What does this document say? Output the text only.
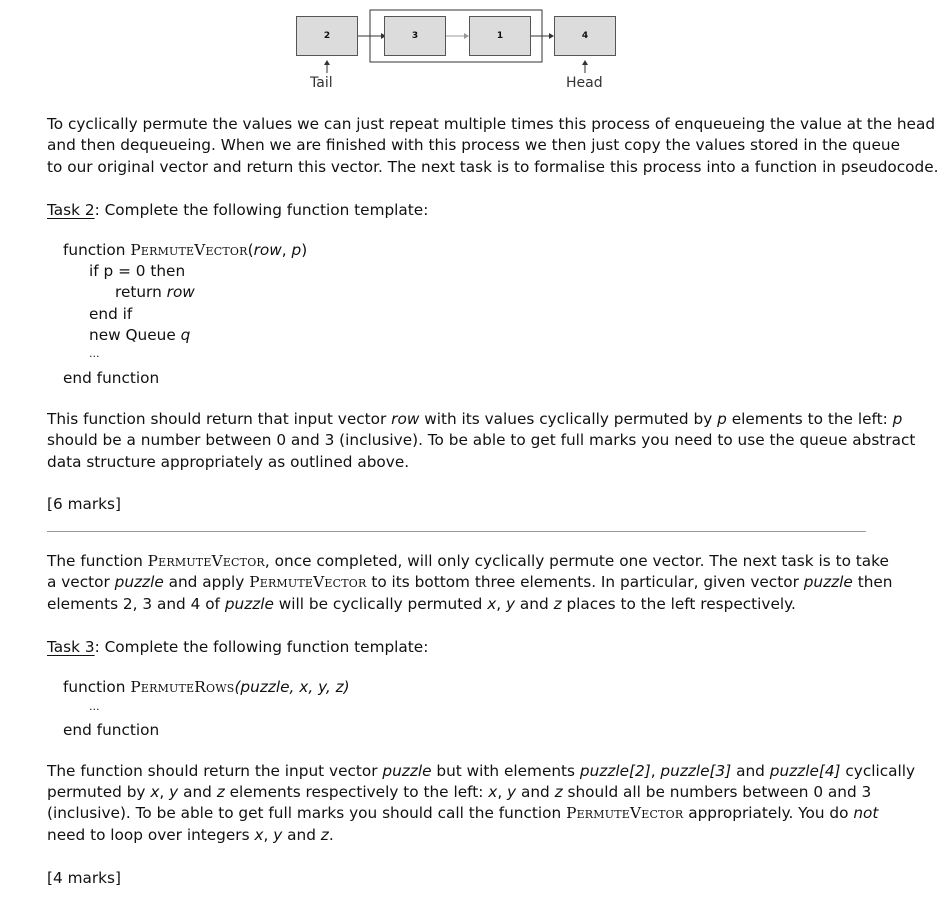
2	3	1	4
Tail	Head
To cyclically permute the values we can just repeat multiple times this process of enqueueing the value at the head
and then dequeueing. When we are finished with this process we then just copy the values stored in the queue
to our original vector and return this vector. The next task is to formalise this process into a function in pseudocode.
Task 2: Complete the following function template:
function PermuteVector(row, p)
if p = 0 then
return row
end if
new Queue q
...
end function
This function should return that input vector row with its values cyclically permuted by p elements to the left: p
should be a number between 0 and 3 (inclusive). To be able to get full marks you need to use the queue abstract
data structure appropriately as outlined above.
[6 marks]
The function PermuteVector, once completed, will only cyclically permute one vector. The next task is to take
a vector puzzle and apply PermuteVector to its bottom three elements. In particular, given vector puzzle then
elements 2, 3 and 4 of puzzle will be cyclically permuted x, y and z places to the left respectively.
Task 3: Complete the following function template:
function PermuteRows(puzzle, x, y, z)
...
end function
The function should return the input vector puzzle but with elements puzzle[2], puzzle[3] and puzzle[4] cyclically
permuted by x, y and z elements respectively to the left: x, y and z should all be numbers between 0 and 3
(inclusive). To be able to get full marks you should call the function PermuteVector appropriately. You do not
need to loop over integers x, y and z.
[4 marks]
